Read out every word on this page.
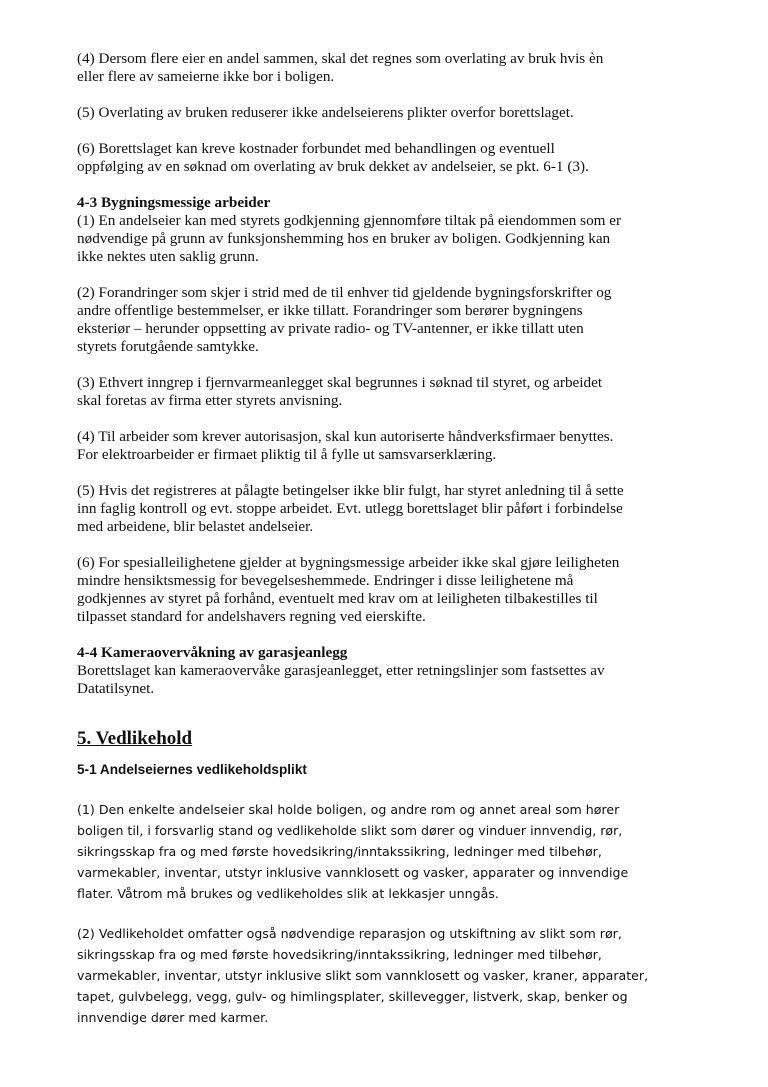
(4) Dersom flere eier en andel sammen, skal det regnes som overlating av bruk hvis èn

eller flere av sameierne ikke bor i boligen.

(5) Overlating av bruken reduserer ikke andelseierens plikter overfor borettslaget.

(6) Borettslaget kan kreve kostnader forbundet med behandlingen og eventuell

oppfølging av en søknad om overlating av bruk dekket av andelseier, se pkt. 6-1 (3).

4-3 Bygningsmessige arbeider

(1) En andelseier kan med styrets godkjenning gjennomføre tiltak på eiendommen som er

nødvendige på grunn av funksjonshemming hos en bruker av boligen. Godkjenning kan

ikke nektes uten saklig grunn.

(2) Forandringer som skjer i strid med de til enhver tid gjeldende bygningsforskrifter og

andre offentlige bestemmelser, er ikke tillatt. Forandringer som berører bygningens

eksteriør – herunder oppsetting av private radio- og TV-antenner, er ikke tillatt uten

styrets forutgående samtykke.

(3) Ethvert inngrep i fjernvarmeanlegget skal begrunnes i søknad til styret, og arbeidet

skal foretas av firma etter styrets anvisning.

(4) Til arbeider som krever autorisasjon, skal kun autoriserte håndverksfirmaer benyttes.

For elektroarbeider er firmaet pliktig til å fylle ut samsvarserklæring.

(5) Hvis det registreres at pålagte betingelser ikke blir fulgt, har styret anledning til å sette

inn faglig kontroll og evt. stoppe arbeidet. Evt. utlegg borettslaget blir påført i forbindelse

med arbeidene, blir belastet andelseier.

(6) For spesialleilighetene gjelder at bygningsmessige arbeider ikke skal gjøre leiligheten

mindre hensiktsmessig for bevegelseshemmede. Endringer i disse leilighetene må

godkjennes av styret på forhånd, eventuelt med krav om at leiligheten tilbakestilles til

tilpasset standard for andelshavers regning ved eierskifte.

4-4 Kameraovervåkning av garasjeanlegg

Borettslaget kan kameraovervåke garasjeanlegget, etter retningslinjer som fastsettes av

Datatilsynet.

5. Vedlikehold
5-1 Andelseiernes vedlikeholdsplikt

(1) Den enkelte andelseier skal holde boligen, og andre rom og annet areal som hører

boligen til, i forsvarlig stand og vedlikeholde slikt som dører og vinduer innvendig, rør,

sikringsskap fra og med første hovedsikring/inntakssikring, ledninger med tilbehør,

varmekabler, inventar, utstyr inklusive vannklosett og vasker, apparater og innvendige

flater. Våtrom må brukes og vedlikeholdes slik at lekkasjer unngås.

(2) Vedlikeholdet omfatter også nødvendige reparasjon og utskiftning av slikt som rør,

sikringsskap fra og med første hovedsikring/inntakssikring, ledninger med tilbehør,

varmekabler, inventar, utstyr inklusive slikt som vannklosett og vasker, kraner, apparater,

tapet, gulvbelegg, vegg, gulv- og himlingsplater, skillevegger, listverk, skap, benker og

innvendige dører med karmer.
